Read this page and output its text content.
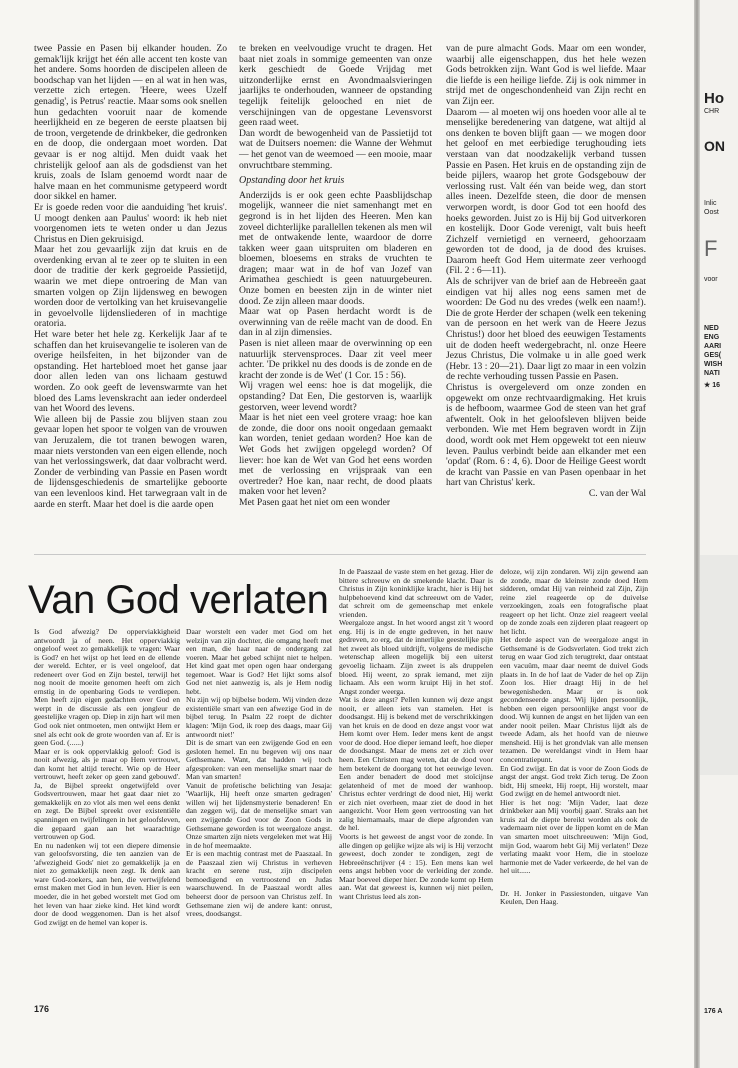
twee Passie en Pasen bij elkander houden. Zo gemak'lijk krijgt het één alle accent ten koste van het andere. Soms hoorden de discipelen alleen de boodschap van het lijden — en al wat in hen was, verzette zich ertegen. 'Heere, wees Uzelf genadig', is Petrus' reactie. Maar soms ook snellen hun gedachten vooruit naar de komende heerlijkheid en ze begeren de eerste plaatsen bij de troon, vergetende de drinkbeker, die gedronken en de doop, die ondergaan moet worden. Dat gevaar is er nog altijd. Men duidt vaak het christelijk geloof aan als de godsdienst van het kruis, zoals de Islam genoemd wordt naar de halve maan en het communisme getypeerd wordt door sikkel en hamer.

Er is goede reden voor die aanduiding 'het kruis'. U moogt denken aan Paulus' woord: ik heb niet voorgenomen iets te weten onder u dan Jezus Christus en Dien gekruisigd.

Maar het zou gevaarlijk zijn dat kruis en de overdenking ervan al te zeer op te sluiten in een door de traditie der kerk gegroeide Passietijd, waarin we met diepe ontroering de Man van smarten volgen op Zijn lijdensweg en bewogen worden door de vertolking van het kruisevangelie in gevoelvolle lijdensliederen of in machtige oratoria.

Het ware beter het hele zg. Kerkelijk Jaar af te schaffen dan het kruisevangelie te isoleren van de overige heilsfeiten, in het bijzonder van de opstanding. Het hartebloed moet het ganse jaar door allen leden van ons lichaam gestuwd worden. Zo ook geeft de levenswarmte van het bloed des Lams levenskracht aan ieder onderdeel van het Woord des levens.

Wie alleen bij de Passie zou blijven staan zou gevaar lopen het spoor te volgen van de vrouwen van Jeruzalem, die tot tranen bewogen waren, maar niets verstonden van een eigen ellende, noch van het verlossingswerk, dat daar volbracht werd. Zonder de verbinding van Passie en Pasen wordt de lijdensgeschiedenis de smartelijke geboorte van een levenloos kind. Het tarwegraan valt in de aarde en sterft. Maar het doel is die aarde open

te breken en veelvoudige vrucht te dragen. Het baat niet zoals in sommige gemeenten van onze kerk geschiedt de Goede Vrijdag met uitzonderlijke ernst en Avondmaalsvieringen jaarlijks te onderhouden, wanneer de opstanding tegelijk feitelijk gelooched en niet de verschijningen van de opgestane Levensvorst geen raad weet.

Dan wordt de bewogenheid van de Passietijd tot wat de Duitsers noemen: die Wanne der Wehmut — het genot van de weemoed — een mooie, maar onvruchtbare stemming.

Opstanding door het kruis

Anderzijds is er ook geen echte Paasblijdschap mogelijk, wanneer die niet samenhangt met en gegrond is in het lijden des Heeren. Men kan zoveel dichterlijke parallellen tekenen als men wil met de ontwakende lente, waardoor de dorre takken weer gaan uitspruiten om bladeren en bloemen, bloesems en straks de vruchten te dragen; maar wat in de hof van Jozef van Arimathea geschiedt is geen natuurgebeuren. Onze bomen en beesten zijn in de winter niet dood. Ze zijn alleen maar doods.

Maar wat op Pasen herdacht wordt is de overwinning van de reële macht van de dood. En dan in al zijn dimensies.

Pasen is niet alleen maar de overwinning op een natuurlijk stervensproces. Daar zit veel meer achter. 'De prikkel nu des doods is de zonde en de kracht der zonde is de Wet' (1 Cor. 15 : 56).

Wij vragen wel eens: hoe is dat mogelijk, die opstanding? Dat Een, Die gestorven is, waarlijk gestorven, weer levend wordt?

Maar is het niet een veel grotere vraag: hoe kan de zonde, die door ons nooit ongedaan gemaakt kan worden, teniet gedaan worden? Hoe kan de Wet Gods het zwijgen opgelegd worden? Of liever: hoe kan de Wet van God het eens worden met de verlossing en vrijspraak van een overtreder? Hoe kan, naar recht, de dood plaats maken voor het leven?

Met Pasen gaat het niet om een wonder

van de pure almacht Gods. Maar om een wonder, waarbij alle eigenschappen, dus het hele wezen Gods betrokken zijn. Want God is wel liefde. Maar die liefde is een heilige liefde. Zij is ook nimmer in strijd met de ongeschondenheid van Zijn recht en van Zijn eer.

Daarom — al moeten wij ons hoeden voor alle al te menselijke beredenering van datgene, wat altijd al ons denken te boven blijft gaan — we mogen door het geloof en met eerbiedige terughouding iets verstaan van dat noodzakelijk verband tussen Passie en Pasen. Het kruis en de opstanding zijn de beide pijlers, waarop het grote Godsgebouw der verlossing rust. Valt één van beide weg, dan stort alles ineen. Dezelfde steen, die door de mensen verworpen wordt, is door God tot een hoofd des hoeks geworden. Juist zo is Hij bij God uitverkoren en kostelijk. Door Gode verenigt, valt buis heeft Zichzelf vernietigd en verneerd, gehoorzaam geworden tot de dood, ja de dood des kruises. Daarom heeft God Hem uitermate zeer verhoogd (Fil. 2 : 6—11).

Als de schrijver van de brief aan de Hebreeën gaat eindigen vat hij alles nog eens samen met de woorden: De God nu des vredes (welk een naam!). Die de grote Herder der schapen (welk een tekening van de persoon en het werk van de Heere Jezus Christus!) door het bloed des eeuwigen Testaments uit de doden heeft wedergebracht, nl. onze Heere Jezus Christus, Die volmake u in alle goed werk (Hebr. 13 : 20—21). Daar ligt zo maar in een volzin de rechte verhouding tussen Passie en Pasen.

Christus is overgeleverd om onze zonden en opgewekt om onze rechtvaardigmaking. Het kruis is de hefboom, waarmee God de steen van het graf afwentelt. Ook in het geloofsleven blijven beide verbonden. Wie met Hem begraven wordt in Zijn dood, wordt ook met Hem opgewekt tot een nieuw leven. Paulus verbindt beide aan elkander met een 'opdat' (Rom. 6 : 4, 6). Door de Heilige Geest wordt de kracht van Passie en van Pasen openbaar in het hart van Christus' kerk.

C. van der Wal
Van God verlaten

Is God afwezig? De opperviakkigheid antwoordt ja of neen. Het opperviakkig ongeloof weet zo gemakkelijk te vragen: Waar is God? en het wijst op het leed en de ellende der wereld. Echter, er is veel ongeloof, dat redeneert over God en Zijn bestel, terwijl het nog nooit de moeite genomen heeft om zich ernstig in de openbaring Gods te verdiepen. Men heeft zijn eigen gedachten over God en werpt in de discussie als een jongleur de geestelijke vragen op. Diep in zijn hart wil men God ook niet ontmoeten, men ontwijkt Hem er snel als echt ook de grote woorden van af. Er is geen God. (......)

Maar er is ook oppervlakkig geloof: God is nooit afwezig, als je maar op Hem vertrouwt, dan komt het altijd terecht. Wie op de Heer vertrouwt, heeft zeker op geen zand gebouwd'. Ja, de Bijbel spreekt ongetwijfeld over Godsvertrouwen, maar het gaat daar niet zo gemakkelijk en zo vlot als men wel eens denkt en zegt. De Bijbel spreekt over existentiële spanningen en twijfelingen in het geloofsleven, die gepaard gaan aan het waarachtige vertrouwen op God.

En nu nadenken wij tot een diepere dimensie van geloofsvorsting, die ten aanzien van de 'afwezigheid Gods' niet zo gemakkelijk ja en niet zo gemakkelijk neen zegt. Ik denk aan ware God-zoekers, aan hen, die vertwijfelend ernst maken met God in hun leven. Hier is een moeder, die in het gebed worstelt met God om het leven van haar zieke kind. Het kind wordt door de dood weggenomen. Dan is het alsof God zwijgt en de hemel van koper is.

Daar worstelt een vader met God om het welzijn van zijn dochter, die omgang heeft met een man, die haar naar de ondergang zal voeren. Maar het gebed schijnt niet te helpen. Het kind gaat met open ogen haar ondergang tegemoet. Waar is God? Het lijkt soms alsof God net niet aanwezig is, als je Hem nodig hebt.

Nu zijn wij op bijbelse bodem. Wij vinden deze existentiële smart van een afwezige God in de bijbel terug. In Psalm 22 roept de dichter klagen: 'Mijn God, ik roep des daags, maar Gij antwoordt niet!'

Dit is de smart van een zwijgende God en een gesloten hemel. En nu begeven wij ons naar Gethsemane. Want, dat hadden wij toch afgesproken: van een menselijke smart naar de Man van smarten!

Vanuit de profetische belichting van Jesaja: 'Waarlijk, Hij heeft onze smarten gedragen' willen wij het lijdensmysterie benaderen! En dan zeggen wij, dat de menselijke smart van een zwijgende God voor de Zoon Gods in Gethsemane geworden is tot weergaloze angst. Onze smarten zijn niets vergeleken met wat Hij in de hof meemaakte.

Er is een machtig contrast met de Paaszaal. In de Paaszaal zien wij Christus in verheven kracht en serene rust, zijn discipelen bemoedigend en vertroostend en Judas waarschuwend. In de Paaszaal wordt alles beheerst door de persoon van Christus zelf. In Gethsemane zien wij de andere kant: onrust, vrees, doodsangst.

In de Paaszaal de vaste stem en het gezag. Hier de bittere schreeuw en de smekende klacht. Daar is Christus in Zijn koninklijke kracht, hier is Hij het hulpbehoevend kind dat schreeuwt om de Vader, dat schreit om de gemeenschap met enkele vrienden.

Weergaloze angst. In het woord angst zit 't woord eng. Hij is in de engte gedreven, in het nauw gedreven, zo erg, dat de innerlijke geestelijke pijn het zweet als bloed uitdrijft, volgens de medische wetenschap alleen mogelijk bij een uiterst gevoelig lichaam. Zijn zweet is als druppelen bloed. Hij weent, zo sprak iemand, met zijn lichaam. Als een worm kruipt Hij in het stof. Angst zonder weerga.

Wat is deze angst? Pellen kunnen wij deze angst nooit, er alleen iets van stamelen. Het is doodsangst. Hij is bekend met de verschrikkingen van het kruis en de dood en deze angst voor wat Hem komt over Hem. Ieder mens kent de angst voor de dood. Hoe dieper iemand leeft, hoe dieper de doodsangst. Maar de mens zet er zich over heen. Een Christen mag weten, dat de dood voor hem betekent de doorgang tot het eeuwige leven. Een ander benadert de dood met stoïcijnse gelatenheid of met de moed der wanhoop. Christus echter verdringt de dood niet, Hij werkt er zich niet overheen, maar ziet de dood in het aangezicht. Voor Hem geen vertroosting van het zalig hiernamaals, maar de diepe afgronden van de hel.

Voorts is het geweest de angst voor de zonde. In alle dingen op gelijke wijze als wij is Hij verzocht geweest, doch zonder te zondigen, zegt de Hebreeënschrijver (4 : 15). Een mens kan wel eens angst hebben voor de verleiding der zonde. Maar boeveel dieper hier. De zonde komt op Hem aan. Wat dat geweest is, kunnen wij niet peilen, want Christus leed als zon-

deloze, wij zijn zondaren. Wij zijn gewend aan de zonde, maar de kleinste zonde doed Hem sidderen, omdat Hij van reinheid zal Zijn, Zijn reine ziel reageerde op de duivelse verzoekingen, zoals een fotografische plaat reageert op het licht. Onze ziel reageert veelal op de zonde zoals een zijderen plaat reageert op het licht.

Het derde aspect van de weergaloze angst in Gethsemané is de Godsverlaten. God trekt zich terug en waar God zich terugtrekt, daar ontstaat een vacuüm, maar daar neemt de duivel Gods plaats in. In de hof laat de Vader de hel op Zijn Zoon los. Hier draagt Hij in de hel bewegenisheden. Maar er is ook gecondenseerde angst. Wij lijden persoonlijk, hebben een eigen persoonlijke angst voor de dood. Wij kunnen de angst en het lijden van een ander nooit peilen. Maar Christus lijdt als de tweede Adam, als het hoofd van de nieuwe mensheid. Hij is het grondvlak van alle mensen tezamen. De wereldangst vindt in Hem haar concentratiepunt.

En God zwijgt. En dat is voor de Zoon Gods de angst der angst. God trekt Zich terug. De Zoon bidt, Hij smeekt, Hij roept, Hij worstelt, maar God zwijgt en de hemel antwoordt niet.

Hier is het nog: 'Mijn Vader, laat deze drinkbeker aan Mij voorbij gaan'. Straks aan het kruis zal de diepte bereikt worden als ook de vadernaam niet over de lippen komt en de Man van smarten moet uitschreeuwen: 'Mijn God, mijn God, waarom hebt Gij Mij verlaten!' Deze verlating maakt voor Hem, die in stoeloze harmonie met de Vader verkeerde, de hel van de hel uit......

Dr. H. Jonker in Passiestonden, uitgave Van Keulen, Den Haag.

176
Ho
CHR
ON
Inlic
Oost
F
voor
NED
ENG
AARI
GES(
WISH
NATI
★ 16
176 A
